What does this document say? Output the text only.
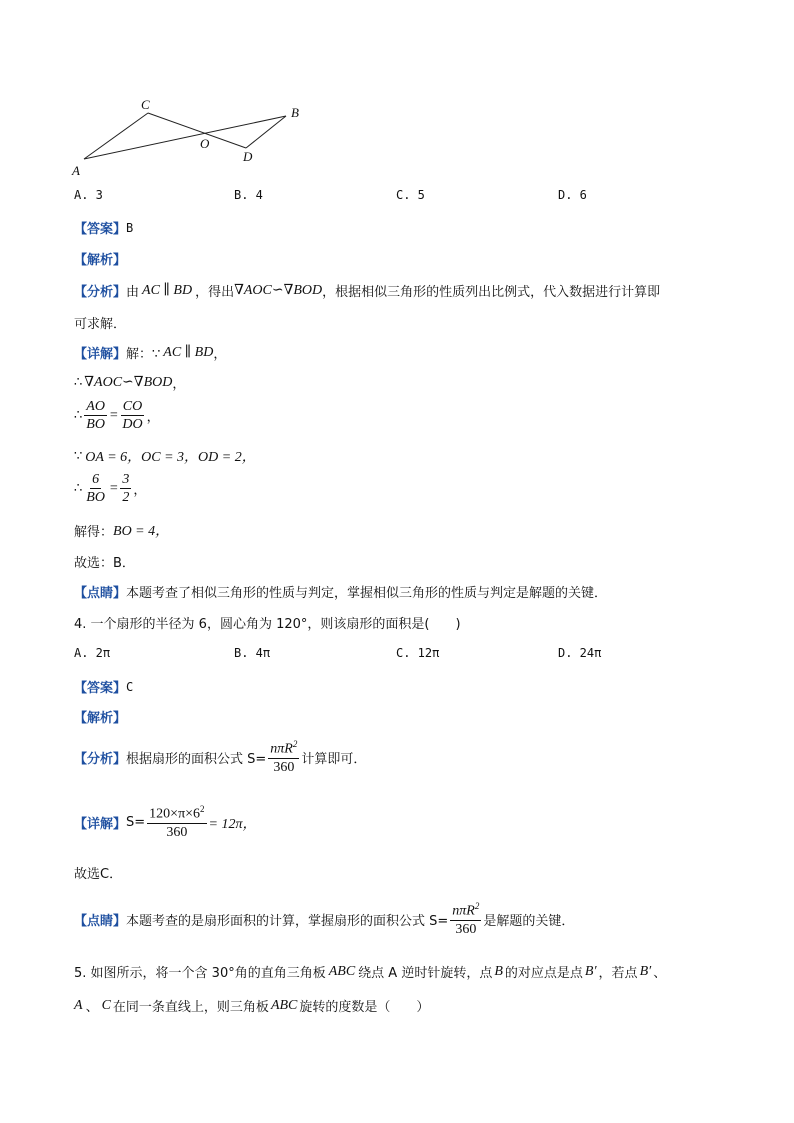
A
C
B
O
D
A. 3	B. 4	C. 5	D. 6
【答案】 B
【解析】
【分析】 由 AC ∥ BD ，得出 ∇AOC∽∇BOD ，根据相似三角形的性质列出比例式，代入数据进行计算即
可求解．
【详解】 解：∵ AC ∥ BD ，
∴ ∇AOC∽∇BOD ，
∴ $\frac{AO}{BO} = \frac{CO}{DO}$ ，
∵ OA = 6，OC = 3，OD = 2，
∴ $\frac{6}{BO} = \frac{3}{2}$ ，
解得： BO = 4，
故选：B．
【点睛】 本题考查了相似三角形的性质与判定，掌握相似三角形的性质与判定是解题的关键．
4. 一个扇形的半径为 6，圆心角为 120°，则该扇形的面积是(　　)
A. 2π	B. 4π	C. 12π	D. 24π
【答案】 C
【解析】
【分析】 根据扇形的面积公式 $S= \frac{n\pi R^2}{360}$ 计算即可．
【详解】 $S= \frac{120\times\pi\times 6^2}{360} = 12\pi$，
故选C．
【点睛】 本题考查的是扇形面积的计算，掌握扇形的面积公式 $S= \frac{n\pi R^2}{360}$ 是解题的关键．
5. 如图所示，将一个含 30°角的直角三角板 ABC 绕点 A 逆时针旋转，点 B 的对应点是点 B′ ，若点 B′ 、
A 、 C 在同一条直线上，则三角板 ABC 旋转的度数是（　　）
